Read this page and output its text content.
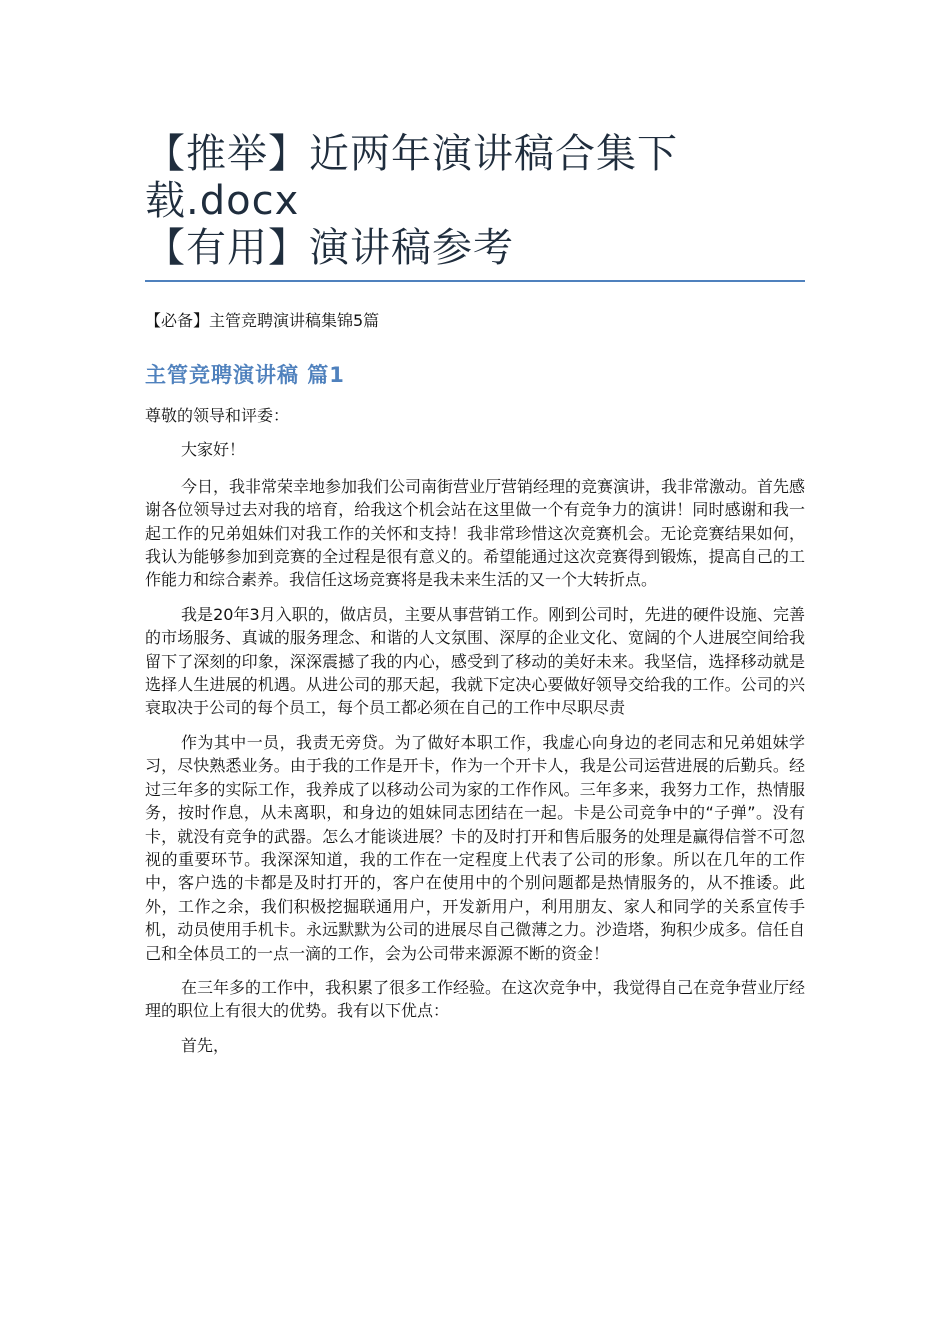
【推举】近两年演讲稿合集下
载.docx
【有用】演讲稿参考
【必备】主管竞聘演讲稿集锦5篇
主管竞聘演讲稿 篇1

尊敬的领导和评委：

大家好！

今日，我非常荣幸地参加我们公司南街营业厅营销经理的竞赛演讲，我非常激动。首先感谢各位领导过去对我的培育，给我这个机会站在这里做一个有竞争力的演讲！同时感谢和我一起工作的兄弟姐妹们对我工作的关怀和支持！我非常珍惜这次竞赛机会。无论竞赛结果如何，我认为能够参加到竞赛的全过程是很有意义的。希望能通过这次竞赛得到锻炼，提高自己的工作能力和综合素养。我信任这场竞赛将是我未来生活的又一个大转折点。

我是20年3月入职的，做店员，主要从事营销工作。刚到公司时，先进的硬件设施、完善的市场服务、真诚的服务理念、和谐的人文氛围、深厚的企业文化、宽阔的个人进展空间给我留下了深刻的印象，深深震撼了我的内心，感受到了移动的美好未来。我坚信，选择移动就是选择人生进展的机遇。从进公司的那天起，我就下定决心要做好领导交给我的工作。公司的兴衰取决于公司的每个员工，每个员工都必须在自己的工作中尽职尽责

作为其中一员，我责无旁贷。为了做好本职工作，我虚心向身边的老同志和兄弟姐妹学习，尽快熟悉业务。由于我的工作是开卡，作为一个开卡人，我是公司运营进展的后勤兵。经过三年多的实际工作，我养成了以移动公司为家的工作作风。三年多来，我努力工作，热情服务，按时作息，从未离职，和身边的姐妹同志团结在一起。卡是公司竞争中的“子弹”。没有卡，就没有竞争的武器。怎么才能谈进展？卡的及时打开和售后服务的处理是赢得信誉不可忽视的重要环节。我深深知道，我的工作在一定程度上代表了公司的形象。所以在几年的工作中，客户选的卡都是及时打开的，客户在使用中的个别问题都是热情服务的，从不推诿。此外，工作之余，我们积极挖掘联通用户，开发新用户，利用朋友、家人和同学的关系宣传手机，动员使用手机卡。永远默默为公司的进展尽自己微薄之力。沙造塔，狗积少成多。信任自己和全体员工的一点一滴的工作，会为公司带来源源不断的资金！

在三年多的工作中，我积累了很多工作经验。在这次竞争中，我觉得自己在竞争营业厅经理的职位上有很大的优势。我有以下优点：

首先，
